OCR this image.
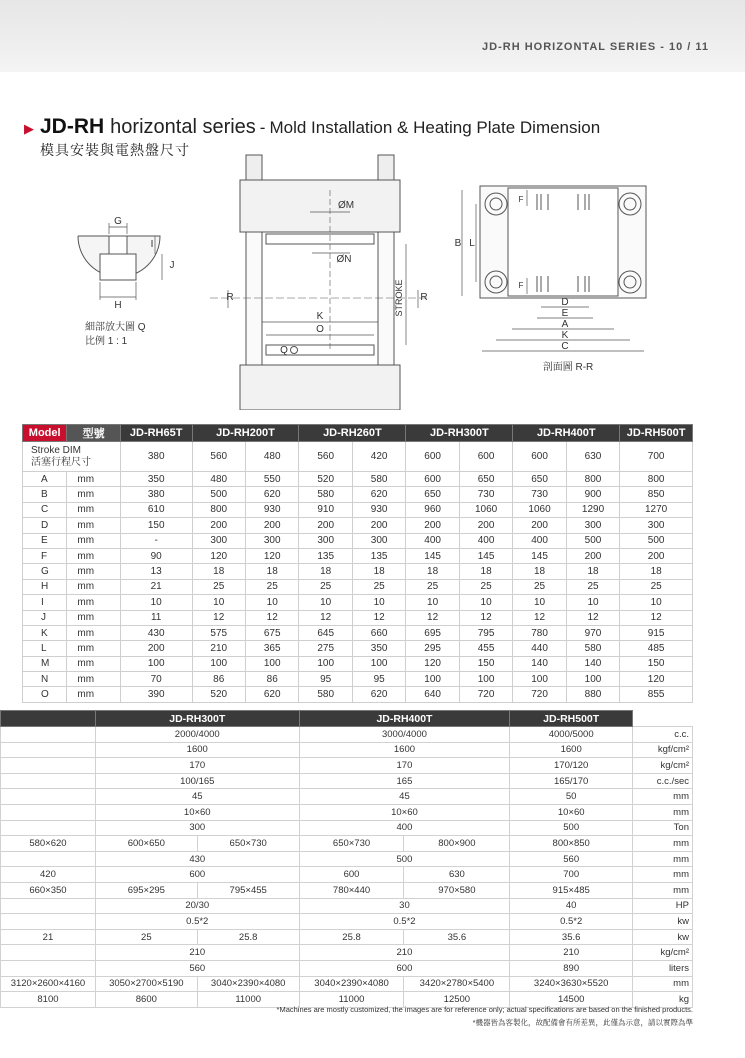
JD-RH HORIZONTAL SERIES - 10 / 11
▶ JD-RH horizontal series - Mold Installation & Heating Plate Dimension
模具安裝與電熱盤尺寸
G
J
H
I
細部放大圖 Q
比例 1 : 1
ØM
ØN
K
O
Q
R	R
STROKE
B L
F
F
D
E
A
K
C
剖面圖 R-R
Model	型號	JD-RH65T	JD-RH200T		JD-RH260T		JD-RH300T		JD-RH400T		JD-RH500T

Stroke DIM
活塞行程尺寸		380	560	480	560	420	600	600	600	630	700
A	mm	350	480	550	520	580	600	650	650	800	800
B	mm	380	500	620	580	620	650	730	730	900	850
C	mm	610	800	930	910	930	960	1060	1060	1290	1270
D	mm	150	200	200	200	200	200	200	200	300	300
E	mm	-	300	300	300	300	400	400	400	500	500
F	mm	90	120	120	135	135	145	145	145	200	200
G	mm	13	18	18	18	18	18	18	18	18	18
H	mm	21	25	25	25	25	25	25	25	25	25
I	mm	10	10	10	10	10	10	10	10	10	10
J	mm	11	12	12	12	12	12	12	12	12	12
K	mm	430	575	675	645	660	695	795	780	970	915
L	mm	200	210	365	275	350	295	455	440	580	485
M	mm	100	100	100	100	100	120	150	140	140	150
N	mm	70	86	86	95	95	100	100	100	100	120
O	mm	390	520	620	580	620	640	720	720	880	855
	JD-RH300T		JD-RH400T		JD-RH500T	
	2000/4000		3000/4000		4000/5000	c.c.
	1600		1600		1600	kgf/cm²
	170		170		170/120	kg/cm²
	100/165		165		165/170	c.c./sec
	45		45		50	mm
	10×60		10×60		10×60	mm
	300		400		500	Ton
580×620	600×650	650×730	650×730	800×900	800×850	mm
	430		500		560	mm
420	600		600	630	700	mm
660×350	695×295	795×455	780×440	970×580	915×485	mm
	20/30		30		40	HP
	0.5*2		0.5*2		0.5*2	kw
21	25	25.8	25.8	35.6	35.6	kw
	210		210		210	kg/cm²
	560		600		890	liters
3120×2600×4160	3050×2700×5190	3040×2390×4080	3040×2390×4080	3420×2780×5400	3240×3630×5520	mm
8100	8600	11000	11000	12500	14500	kg
*Machines are mostly customized, the images are for reference only; actual specifications are based on the finished products.
*機器皆為客製化，故配備會有所差異，此僅為示意，請以實際為準
